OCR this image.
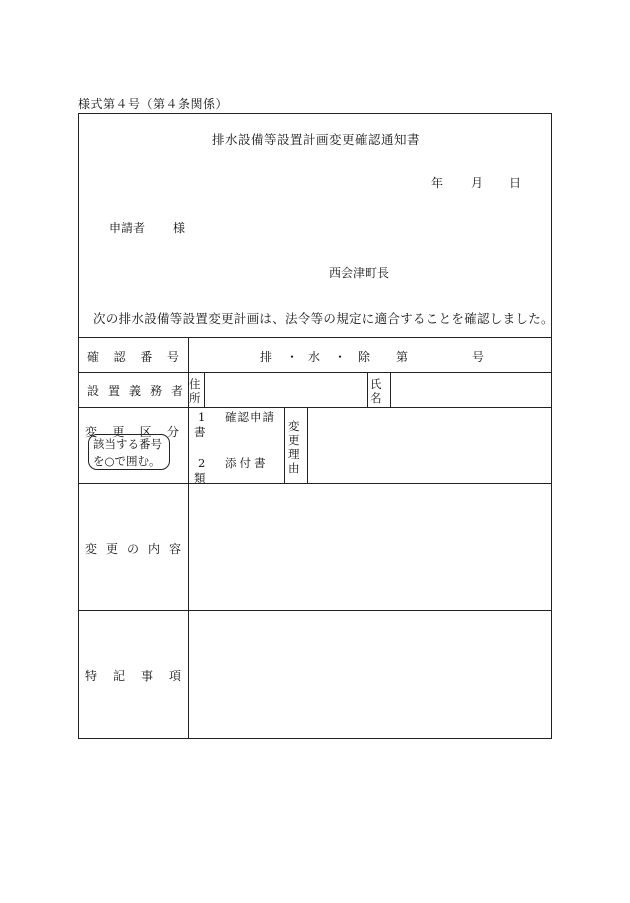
様式第４号（第４条関係）
排水設備等設置計画変更確認通知書
年 月 日
申請者 様
西会津町長
次の排水設備等設置変更計画は、法令等の規定に適合することを確認しました。
確 認 番 号	排 ・ 水 ・ 除 第	号
設 置 義 務 者 住
所
氏
名
変 更 区 分
該当する番号
を○で囲む。
1 確認申請
書
2 添付書
類
変
更
理
由
変 更 の 内 容
特 記 事 項
